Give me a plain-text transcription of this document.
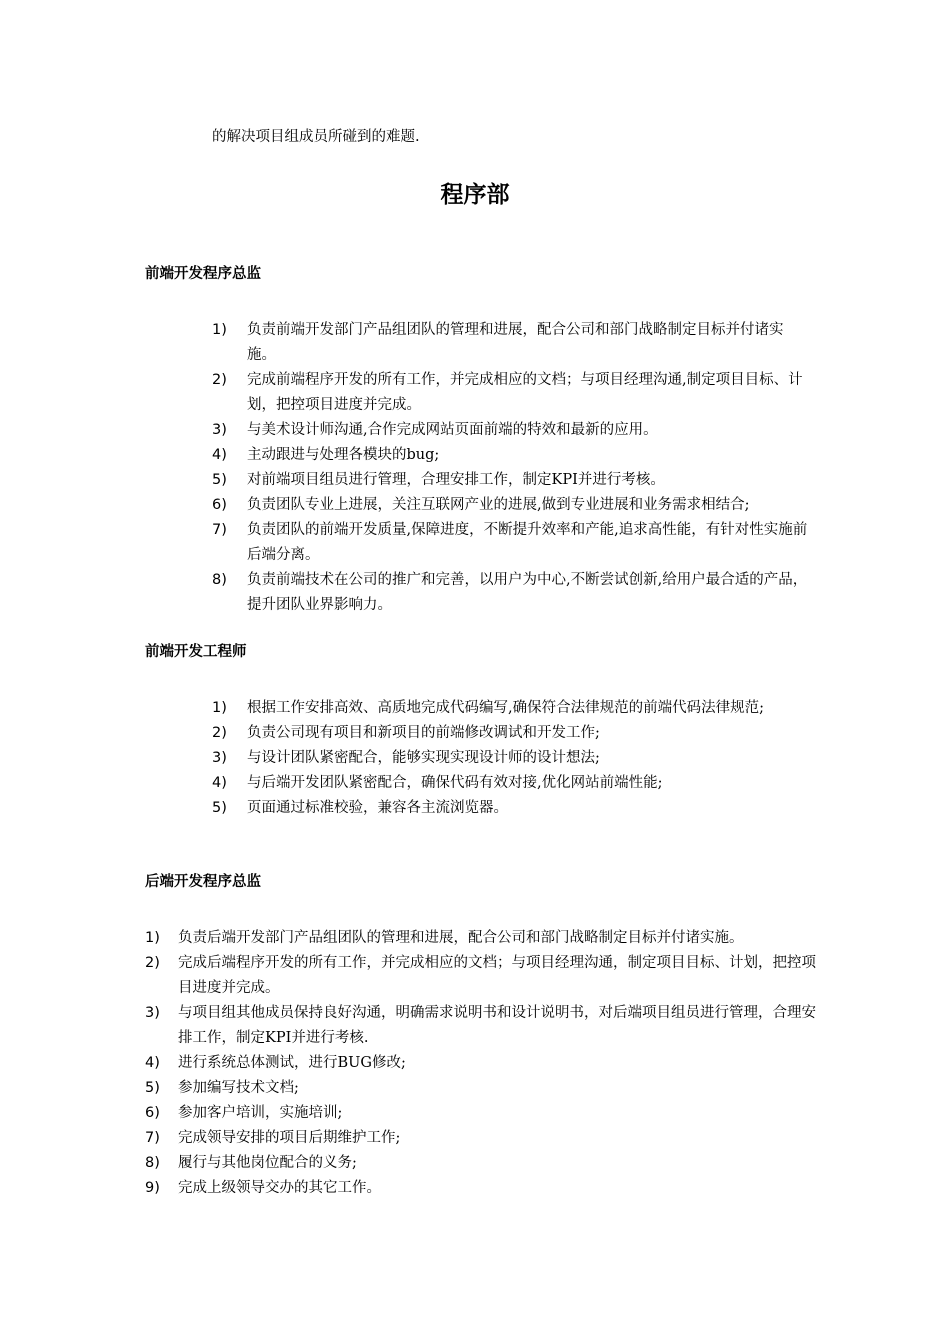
的解决项目组成员所碰到的难题.
程序部
前端开发程序总监
1)	负责前端开发部门产品组团队的管理和进展，配合公司和部门战略制定目标并付诸实施。
2)	完成前端程序开发的所有工作，并完成相应的文档；与项目经理沟通,制定项目目标、计划，把控项目进度并完成。
3)	与美术设计师沟通,合作完成网站页面前端的特效和最新的应用。
4)	主动跟进与处理各模块的bug;
5)	对前端项目组员进行管理，合理安排工作，制定KPI并进行考核。
6)	负责团队专业上进展，关注互联网产业的进展,做到专业进展和业务需求相结合;
7)	负责团队的前端开发质量,保障进度，不断提升效率和产能,追求高性能，有针对性实施前后端分离。
8)	负责前端技术在公司的推广和完善，以用户为中心,不断尝试创新,给用户最合适的产品，提升团队业界影响力。
前端开发工程师
1)	根据工作安排高效、高质地完成代码编写,确保符合法律规范的前端代码法律规范;
2)	负责公司现有项目和新项目的前端修改调试和开发工作;
3)	与设计团队紧密配合，能够实现实现设计师的设计想法;
4)	与后端开发团队紧密配合，确保代码有效对接,优化网站前端性能;
5)	页面通过标准校验，兼容各主流浏览器。
后端开发程序总监
1)	负责后端开发部门产品组团队的管理和进展，配合公司和部门战略制定目标并付诸实施。
2)	完成后端程序开发的所有工作，并完成相应的文档；与项目经理沟通，制定项目目标、计划，把控项目进度并完成。
3)	与项目组其他成员保持良好沟通，明确需求说明书和设计说明书，对后端项目组员进行管理，合理安排工作，制定KPI并进行考核.
4)	进行系统总体测试，进行BUG修改;
5)	参加编写技术文档;
6)	参加客户培训，实施培训;
7)	完成领导安排的项目后期维护工作;
8)	履行与其他岗位配合的义务;
9)	完成上级领导交办的其它工作。
